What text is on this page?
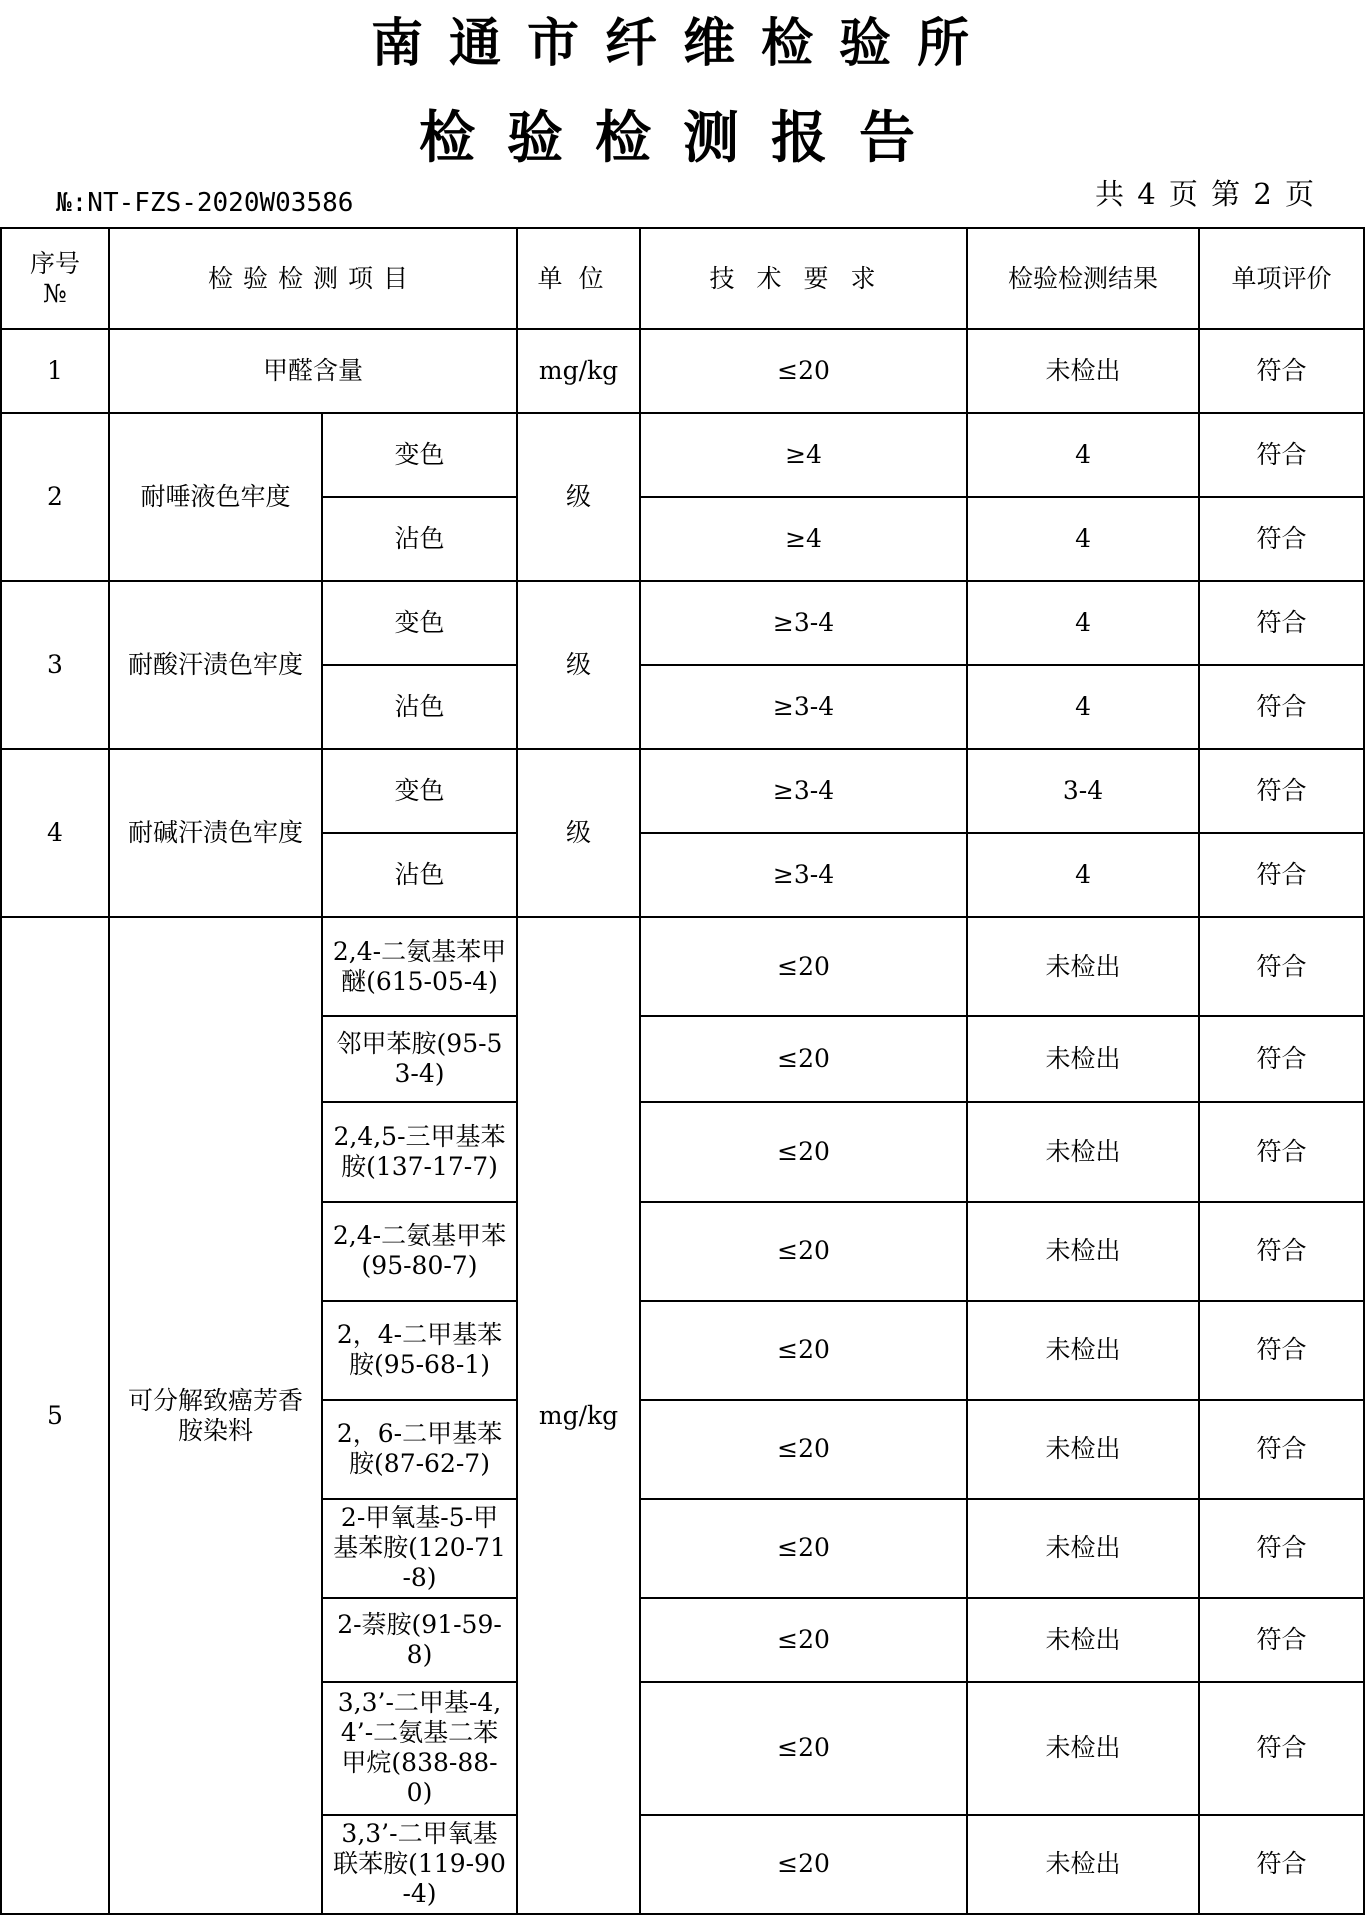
南通市纤维检验所
检验检测报告
№:NT-FZS-2020W03586	共 4 页 第 2 页
序号
№	检验检测项目		单位	技术要求	检验检测结果	单项评价
1	甲醛含量		mg/kg	≤20	未检出	符合
2	耐唾液色牢度	变色	级	≥4	4	符合
		沾色		≥4	4	符合
3	耐酸汗渍色牢度	变色	级	≥3-4	4	符合
		沾色		≥3-4	4	符合
4	耐碱汗渍色牢度	变色	级	≥3-4	3-4	符合
		沾色		≥3-4	4	符合
5	可分解致癌芳香胺染料	2,4-二氨基苯甲醚(615-05-4)	mg/kg	≤20	未检出	符合
		邻甲苯胺(95-53-4)		≤20	未检出	符合
		2,4,5-三甲基苯胺(137-17-7)		≤20	未检出	符合
		2,4-二氨基甲苯(95-80-7)		≤20	未检出	符合
		2，4-二甲基苯胺(95-68-1)		≤20	未检出	符合
		2，6-二甲基苯胺(87-62-7)		≤20	未检出	符合
		2-甲氧基-5-甲基苯胺(120-71-8)		≤20	未检出	符合
		2-萘胺(91-59-8)		≤20	未检出	符合
		3,3’-二甲基-4,4’-二氨基二苯甲烷(838-88-0)		≤20	未检出	符合
		3,3’-二甲氧基联苯胺(119-90-4)		≤20	未检出	符合
